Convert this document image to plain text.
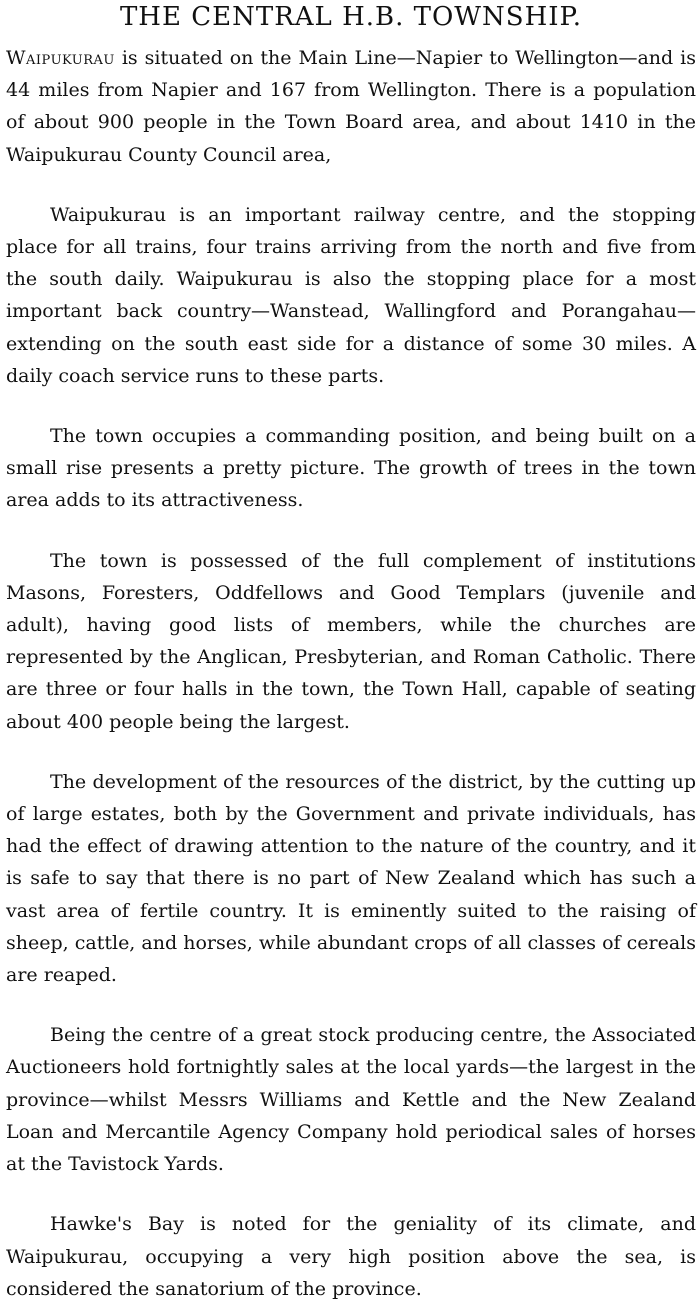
THE CENTRAL H.B. TOWNSHIP.

Waipukurau is situated on the Main Line—Napier to Wellington—and is 44 miles from Napier and 167 from Wellington. There is a population of about 900 people in the Town Board area, and about 1410 in the Waipukurau County Council area,

Waipukurau is an important railway centre, and the stopping place for all trains, four trains arriving from the north and five from the south daily. Waipukurau is also the stopping place for a most important back country—Wanstead, Wallingford and Porangahau—extending on the south east side for a distance of some 30 miles. A daily coach service runs to these parts.

The town occupies a commanding position, and being built on a small rise presents a pretty picture. The growth of trees in the town area adds to its attractiveness.

The town is possessed of the full complement of institutions Masons, Foresters, Oddfellows and Good Templars (juvenile and adult), having good lists of members, while the churches are represented by the Anglican, Presbyterian, and Roman Catholic. There are three or four halls in the town, the Town Hall, capable of seating about 400 people being the largest.

The development of the resources of the district, by the cutting up of large estates, both by the Government and private individuals, has had the effect of drawing attention to the nature of the country, and it is safe to say that there is no part of New Zealand which has such a vast area of fertile country. It is eminently suited to the raising of sheep, cattle, and horses, while abundant crops of all classes of cereals are reaped.

Being the centre of a great stock producing centre, the Associated Auctioneers hold fortnightly sales at the local yards—the largest in the province—whilst Messrs Williams and Kettle and the New Zealand Loan and Mercantile Agency Company hold periodical sales of horses at the Tavistock Yards.

Hawke's Bay is noted for the geniality of its climate, and Waipukurau, occupying a very high position above the sea, is considered the sanatorium of the province.
